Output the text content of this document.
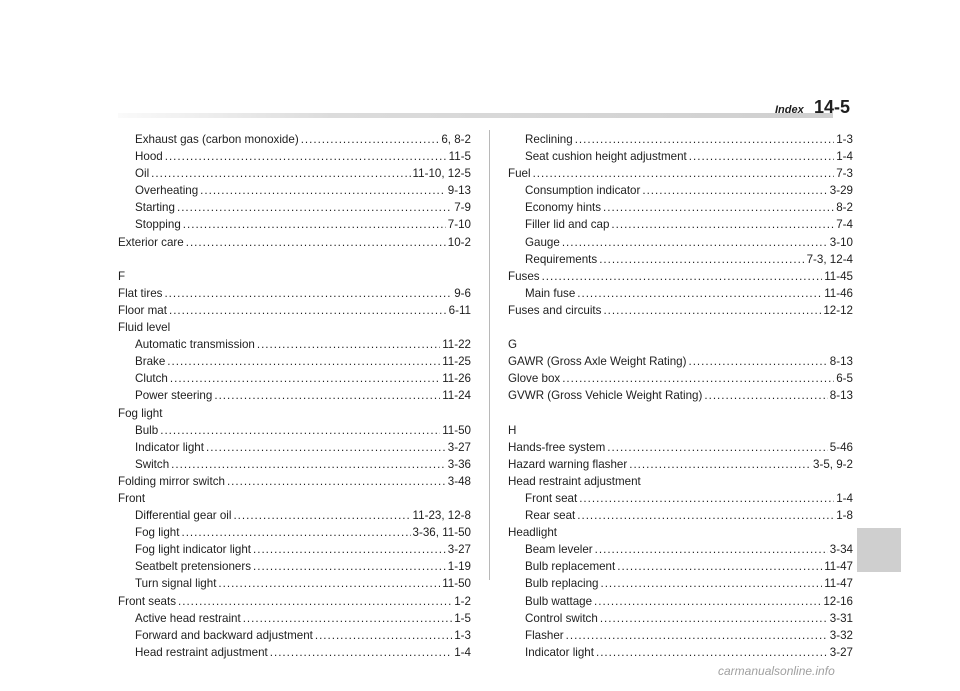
Index 14-5
Exhaust gas (carbon monoxide) .....	6, 8-2
Hood .....	11-5
Oil .....	11-10, 12-5
Overheating .....	9-13
Starting .....	7-9
Stopping .....	7-10
Exterior care .....	10-2
F
Flat tires .....	9-6
Floor mat .....	6-11
Fluid level
Automatic transmission .....	11-22
Brake .....	11-25
Clutch .....	11-26
Power steering .....	11-24
Fog light
Bulb .....	11-50
Indicator light .....	3-27
Switch .....	3-36
Folding mirror switch .....	3-48
Front
Differential gear oil .....	11-23, 12-8
Fog light .....	3-36, 11-50
Fog light indicator light .....	3-27
Seatbelt pretensioners .....	1-19
Turn signal light .....	11-50
Front seats .....	1-2
Active head restraint .....	1-5
Forward and backward adjustment .....	1-3
Head restraint adjustment .....	1-4
Reclining .....	1-3
Seat cushion height adjustment .....	1-4
Fuel .....	7-3
Consumption indicator .....	3-29
Economy hints .....	8-2
Filler lid and cap .....	7-4
Gauge .....	3-10
Requirements .....	7-3, 12-4
Fuses .....	11-45
Main fuse .....	11-46
Fuses and circuits .....	12-12
G
GAWR (Gross Axle Weight Rating) .....	8-13
Glove box .....	6-5
GVWR (Gross Vehicle Weight Rating) .....	8-13
H
Hands-free system .....	5-46
Hazard warning flasher .....	3-5, 9-2
Head restraint adjustment
Front seat .....	1-4
Rear seat .....	1-8
Headlight
Beam leveler .....	3-34
Bulb replacement .....	11-47
Bulb replacing .....	11-47
Bulb wattage .....	12-16
Control switch .....	3-31
Flasher .....	3-32
Indicator light .....	3-27
carmanualsonline.info
